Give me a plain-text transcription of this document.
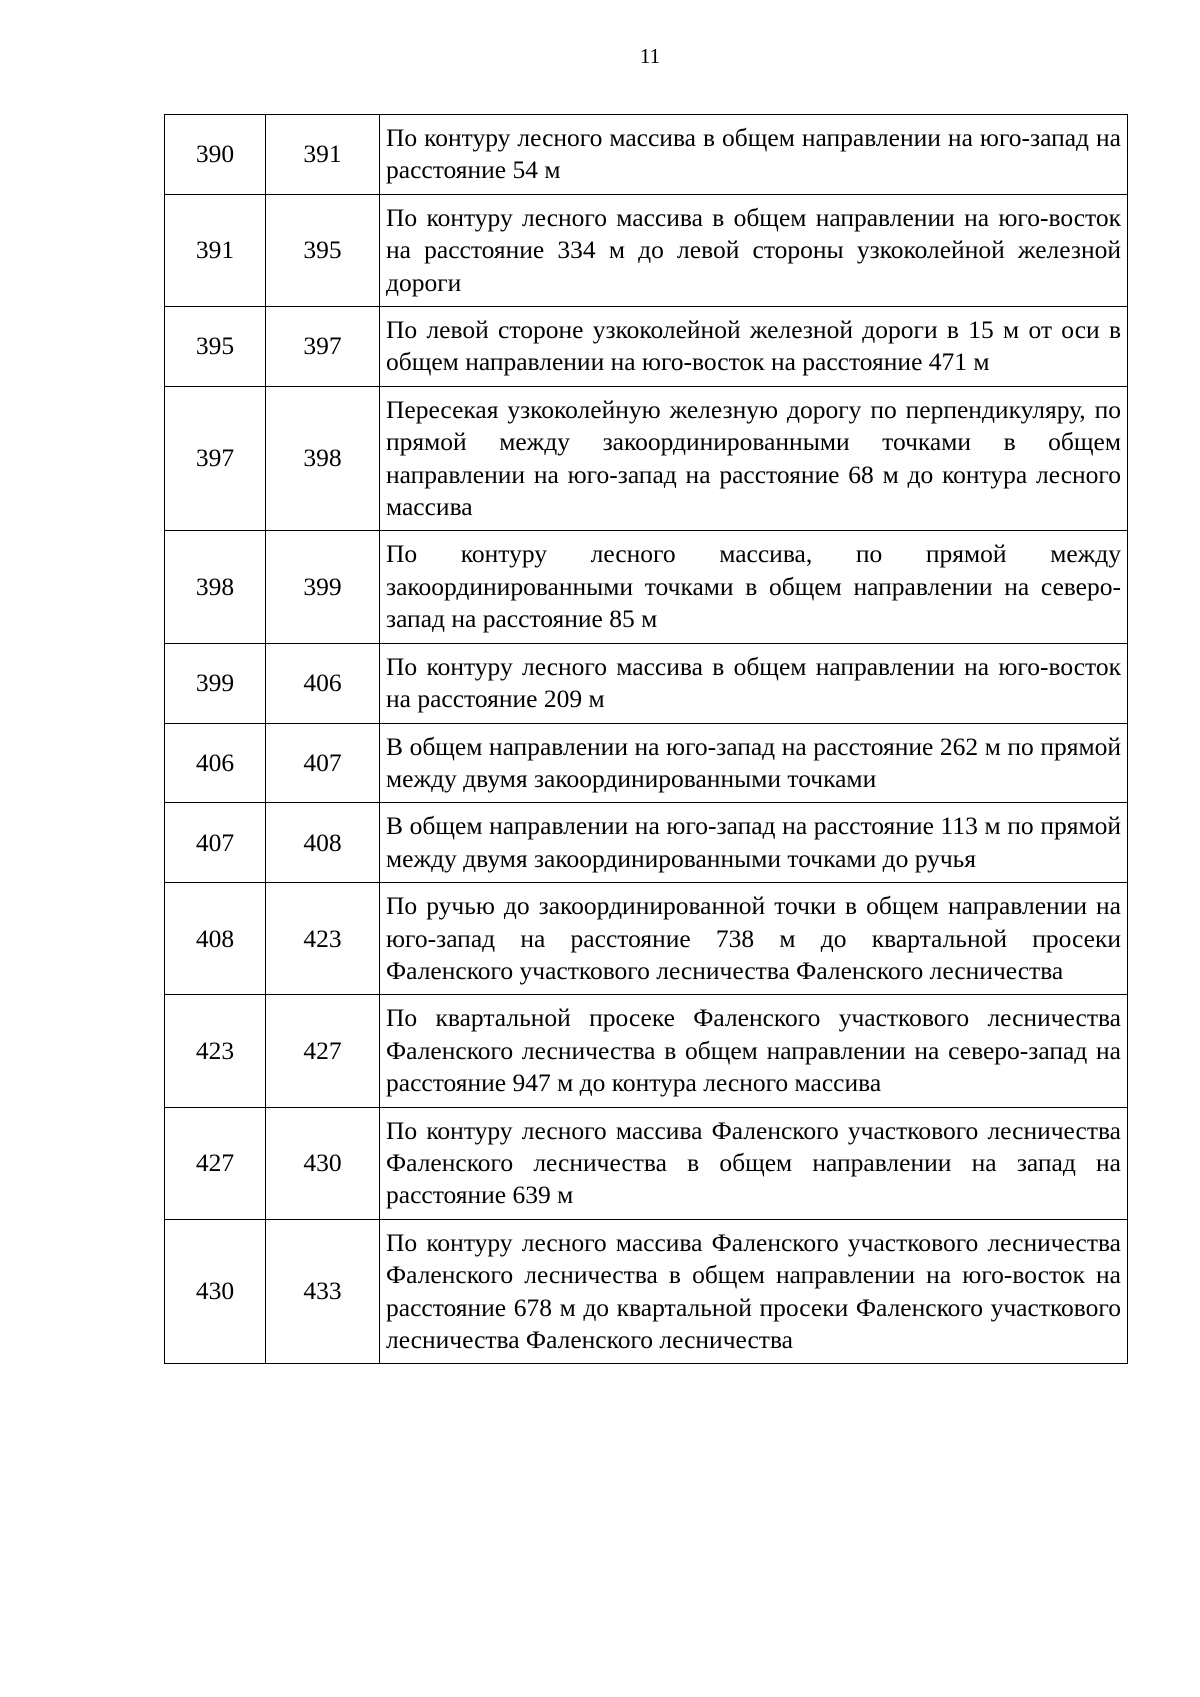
11
390	391	По контуру лесного массива в общем направлении на юго-запад на расстояние 54 м
391	395	По контуру лесного массива в общем направлении на юго-восток на расстояние 334 м до левой стороны узкоколейной железной дороги
395	397	По левой стороне узкоколейной железной дороги в 15 м от оси в общем направлении на юго-восток на расстояние 471 м
397	398	Пересекая узкоколейную железную дорогу по перпендикуляру, по прямой между закоординированными точками в общем направлении на юго-запад на расстояние 68 м до контура лесного массива
398	399	По контуру лесного массива, по прямой между закоординированными точками в общем направлении на северо-запад на расстояние 85 м
399	406	По контуру лесного массива в общем направлении на юго-восток на расстояние 209 м
406	407	В общем направлении на юго-запад на расстояние 262 м по прямой между двумя закоординированными точками
407	408	В общем направлении на юго-запад на расстояние 113 м по прямой между двумя закоординированными точками до ручья
408	423	По ручью до закоординированной точки в общем направлении на юго-запад на расстояние 738 м до квартальной просеки Фаленского участкового лесничества Фаленского лесничества
423	427	По квартальной просеке Фаленского участкового лесничества Фаленского лесничества в общем направлении на северо-запад на расстояние 947 м до контура лесного массива
427	430	По контуру лесного массива Фаленского участкового лесничества Фаленского лесничества в общем направлении на запад на расстояние 639 м
430	433	По контуру лесного массива Фаленского участкового лесничества Фаленского лесничества в общем направлении на юго-восток на расстояние 678 м до квартальной просеки Фаленского участкового лесничества Фаленского лесничества
